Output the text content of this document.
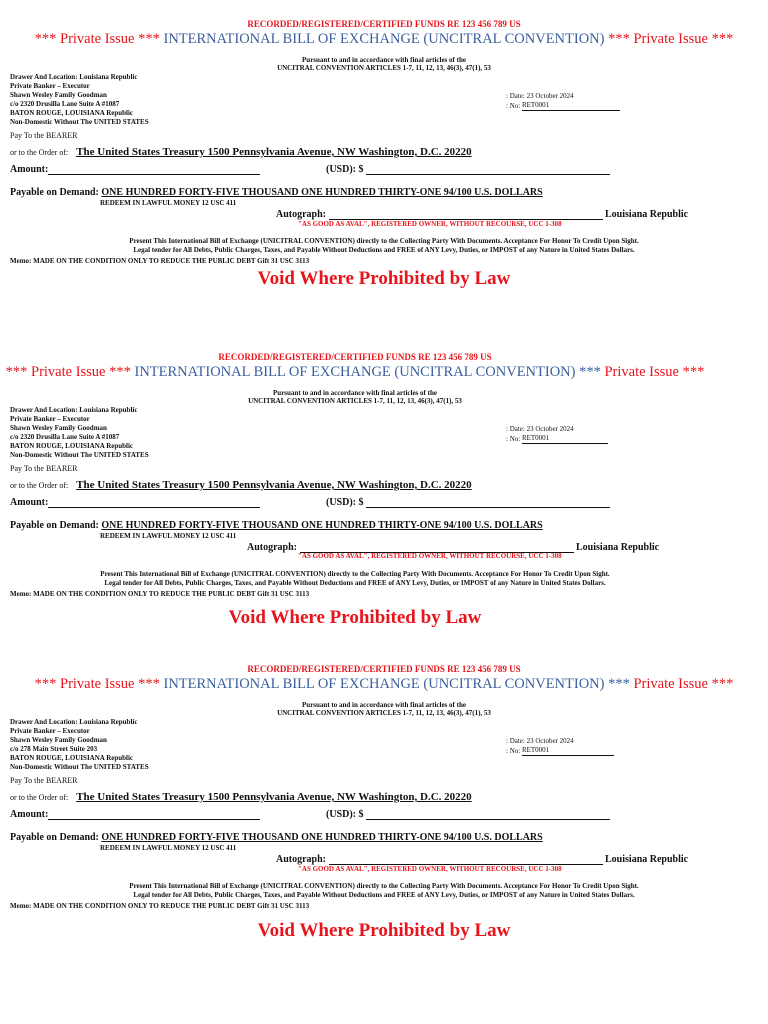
RECORDED/REGISTERED/CERTIFIED FUNDS RE 123 456 789 US
*** Private Issue *** INTERNATIONAL BILL OF EXCHANGE (UNCITRAL CONVENTION) *** Private Issue ***
Pursuant to and in accordance with final articles of the
UNCITRAL CONVENTION ARTICLES 1-7, 11, 12, 13, 46(3), 47(1), 53
Drawer And Location: Louisiana Republic
Private Banker – Executor
Shawn Wesley Family Goodman
c/o 2320 Drusilla Lane Suite A #1087
BATON ROUGE, LOUISIANA Republic
Non-Domestic Without The UNITED STATES
: Date: 23 October 2024
: No: RET0001
Pay To the BEARER
or to the Order of: The United States Treasury 1500 Pennsylvania Avenue, NW Washington, D.C. 20220
Amount:	(USD): $
Payable on Demand: ONE HUNDRED FORTY-FIVE THOUSAND ONE HUNDRED THIRTY-ONE 94/100 U.S. DOLLARS
REDEEM IN LAWFUL MONEY 12 USC 411
Autograph:	Louisiana Republic
"AS GOOD AS AVAL", REGISTERED OWNER, WITHOUT RECOURSE, UCC 1-308
Present This International Bill of Exchange (UNICITRAL CONVENTION) directly to the Collecting Party With Documents. Acceptance For Honor To Credit Upon Sight.
Legal tender for All Debts, Public Charges, Taxes, and Payable Without Deductions and FREE of ANY Levy, Duties, or IMPOST of any Nature in United States Dollars.
Memo: MADE ON THE CONDITION ONLY TO REDUCE THE PUBLIC DEBT Gift 31 USC 3113
Void Where Prohibited by Law
RECORDED/REGISTERED/CERTIFIED FUNDS RE 123 456 789 US
*** Private Issue *** INTERNATIONAL BILL OF EXCHANGE (UNCITRAL CONVENTION) *** Private Issue ***
Pursuant to and in accordance with final articles of the
UNCITRAL CONVENTION ARTICLES 1-7, 11, 12, 13, 46(3), 47(1), 53
Drawer And Location: Louisiana Republic
Private Banker – Executor
Shawn Wesley Family Goodman
c/o 2320 Drusilla Lane Suite A #1087
BATON ROUGE, LOUISIANA Republic
Non-Domestic Without The UNITED STATES
: Date: 23 October 2024
: No: RET0001
Pay To the BEARER
or to the Order of: The United States Treasury 1500 Pennsylvania Avenue, NW Washington, D.C. 20220
Amount:	(USD): $
Payable on Demand: ONE HUNDRED FORTY-FIVE THOUSAND ONE HUNDRED THIRTY-ONE 94/100 U.S. DOLLARS
REDEEM IN LAWFUL MONEY 12 USC 411
Autograph:	Louisiana Republic
"AS GOOD AS AVAL", REGISTERED OWNER, WITHOUT RECOURSE, UCC 1-308
Present This International Bill of Exchange (UNICITRAL CONVENTION) directly to the Collecting Party With Documents. Acceptance For Honor To Credit Upon Sight.
Legal tender for All Debts, Public Charges, Taxes, and Payable Without Deductions and FREE of ANY Levy, Duties, or IMPOST of any Nature in United States Dollars.
Memo: MADE ON THE CONDITION ONLY TO REDUCE THE PUBLIC DEBT Gift 31 USC 3113
Void Where Prohibited by Law
RECORDED/REGISTERED/CERTIFIED FUNDS RE 123 456 789 US
*** Private Issue *** INTERNATIONAL BILL OF EXCHANGE (UNCITRAL CONVENTION) *** Private Issue ***
Pursuant to and in accordance with final articles of the
UNCITRAL CONVENTION ARTICLES 1-7, 11, 12, 13, 46(3), 47(1), 53
Drawer And Location: Louisiana Republic
Private Banker – Executor
Shawn Wesley Family Goodman
c/o 278 Main Street Suite 203
BATON ROUGE, LOUISIANA Republic
Non-Domestic Without The UNITED STATES
: Date: 23 October 2024
: No: RET0001
Pay To the BEARER
or to the Order of: The United States Treasury 1500 Pennsylvania Avenue, NW Washington, D.C. 20220
Amount:	(USD): $
Payable on Demand: ONE HUNDRED FORTY-FIVE THOUSAND ONE HUNDRED THIRTY-ONE 94/100 U.S. DOLLARS
REDEEM IN LAWFUL MONEY 12 USC 411
Autograph:	Louisiana Republic
"AS GOOD AS AVAL", REGISTERED OWNER, WITHOUT RECOURSE, UCC 1-308
Present This International Bill of Exchange (UNICITRAL CONVENTION) directly to the Collecting Party With Documents. Acceptance For Honor To Credit Upon Sight.
Legal tender for All Debts, Public Charges, Taxes, and Payable Without Deductions and FREE of ANY Levy, Duties, or IMPOST of any Nature in United States Dollars.
Memo: MADE ON THE CONDITION ONLY TO REDUCE THE PUBLIC DEBT Gift 31 USC 3113
Void Where Prohibited by Law
